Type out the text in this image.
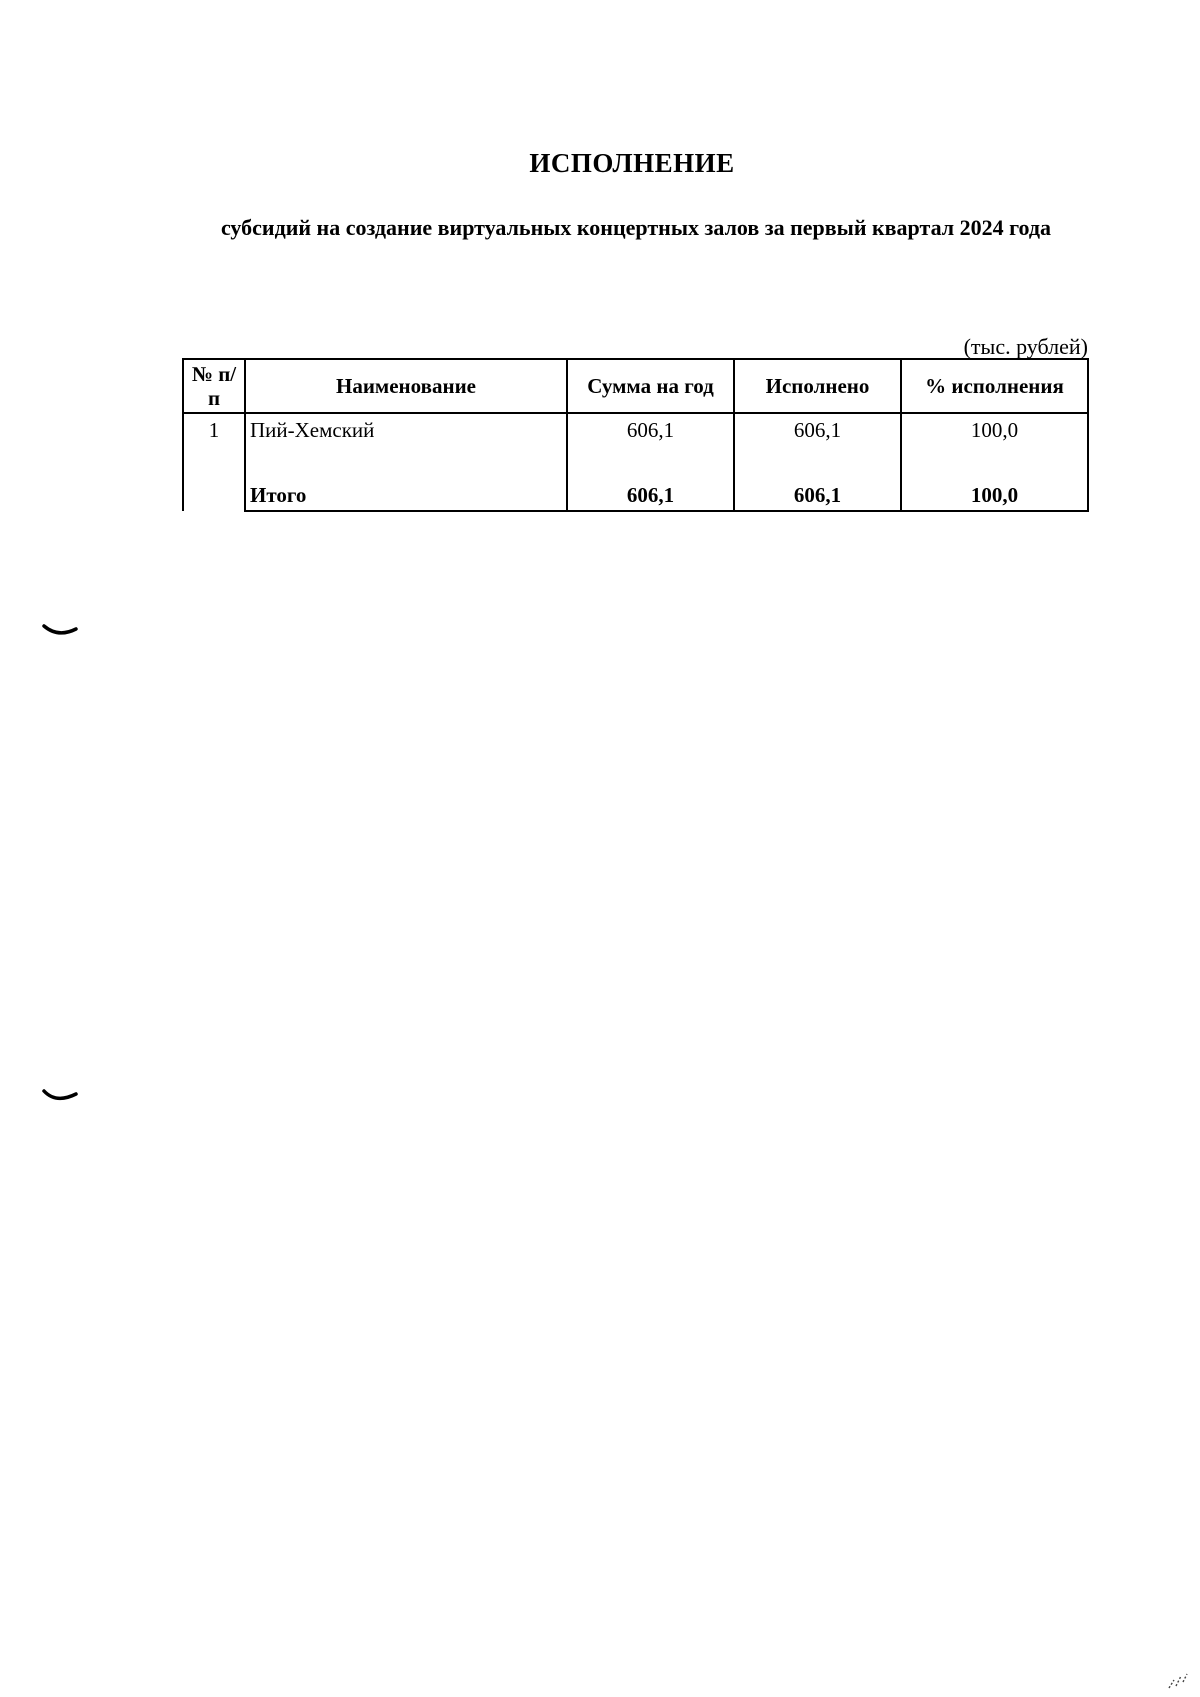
ИСПОЛНЕНИЕ
субсидий на создание виртуальных концертных залов за первый квартал 2024 года
(тыс. рублей)
№ п/п	Наименование	Сумма на год	Исполнено	% исполнения
1	Пий-Хемский	606,1	606,1	100,0
	Итого	606,1	606,1	100,0
